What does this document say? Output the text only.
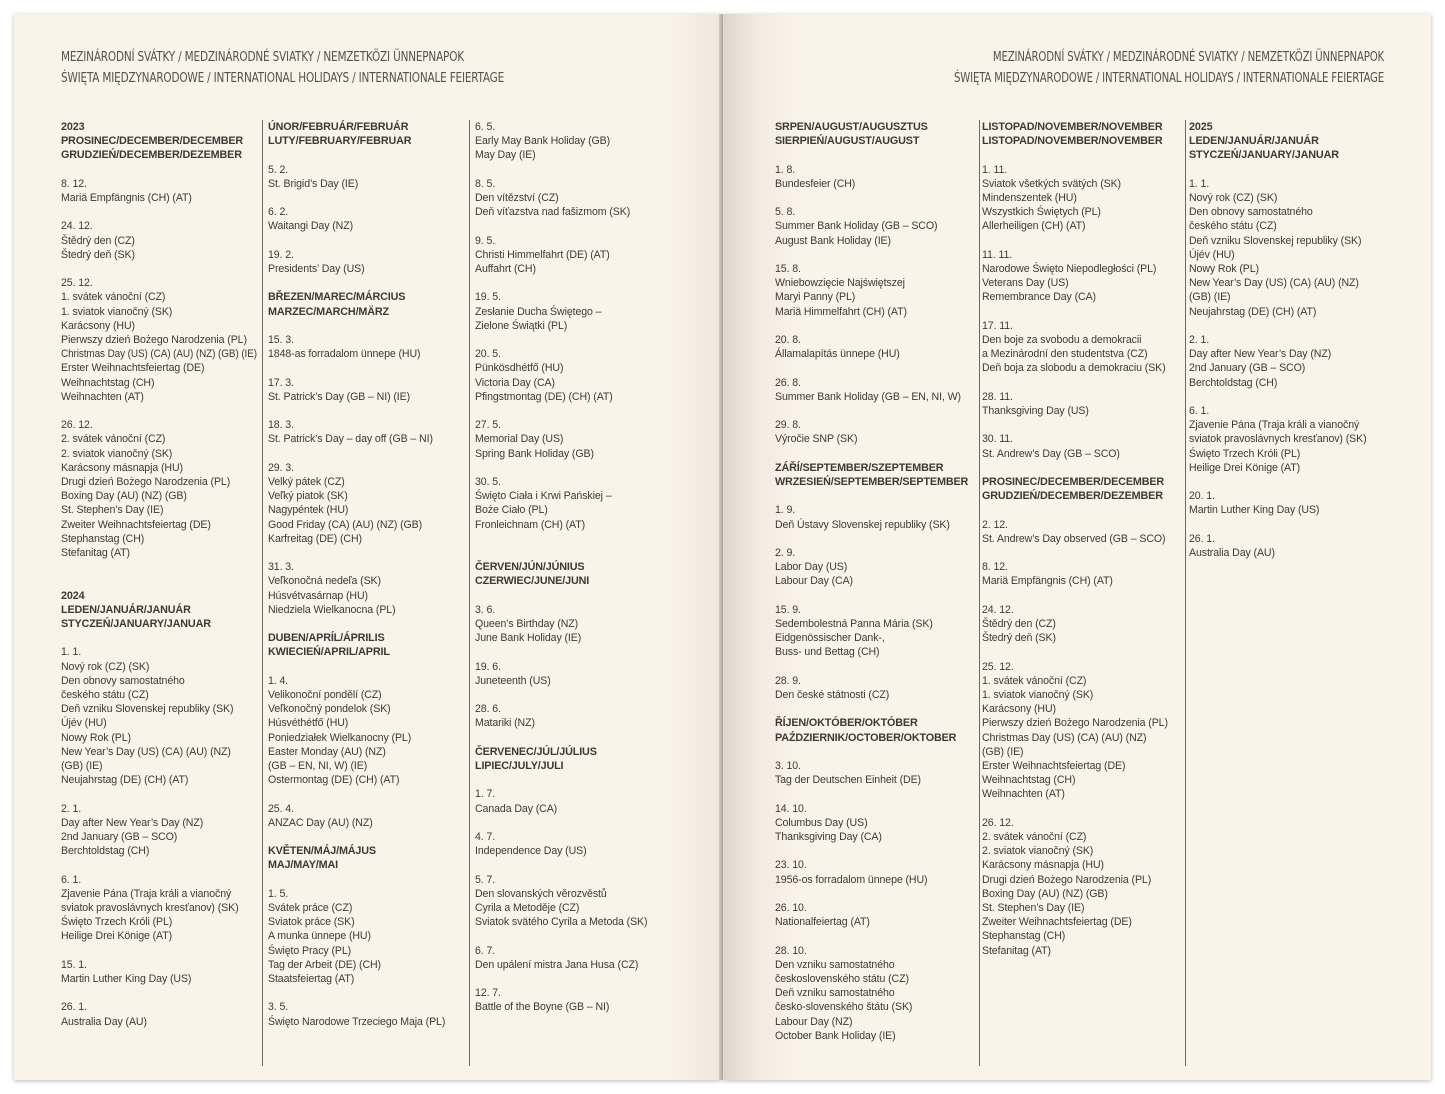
MEZINÁRODNÍ SVÁTKY / MEDZINÁRODNÉ SVIATKY / NEMZETKÖZI ÜNNEPNAPOK
ŚWIĘTA MIĘDZYNARODOWE / INTERNATIONAL HOLIDAYS / INTERNATIONALE FEIERTAGE
2023
PROSINEC/DECEMBER/DECEMBER
GRUDZIEŃ/DECEMBER/DEZEMBER
8. 12.
Mariä Empfängnis (CH) (AT)
24. 12.
Štědrý den (CZ)
Štedrý deň (SK)
25. 12.
1. svátek vánoční (CZ)
1. sviatok vianočný (SK)
Karácsony (HU)
Pierwszy dzień Bożego Narodzenia (PL)
Christmas Day (US) (CA) (AU) (NZ) (GB) (IE)
Erster Weihnachtsfeiertag (DE)
Weihnachtstag (CH)
Weihnachten (AT)
26. 12.
2. svátek vánoční (CZ)
2. sviatok vianočný (SK)
Karácsony másnapja (HU)
Drugi dzień Bożego Narodzenia (PL)
Boxing Day (AU) (NZ) (GB)
St. Stephen’s Day (IE)
Zweiter Weihnachtsfeiertag (DE)
Stephanstag (CH)
Stefanitag (AT)
2024
LEDEN/JANUÁR/JANUÁR
STYCZEŃ/JANUARY/JANUAR
1. 1.
Nový rok (CZ) (SK)
Den obnovy samostatného
českého státu (CZ)
Deň vzniku Slovenskej republiky (SK)
Újév (HU)
Nowy Rok (PL)
New Year’s Day (US) (CA) (AU) (NZ)
(GB) (IE)
Neujahrstag (DE) (CH) (AT)
2. 1.
Day after New Year’s Day (NZ)
2nd January (GB – SCO)
Berchtoldstag (CH)
6. 1.
Zjavenie Pána (Traja králi a vianočný
sviatok pravoslávnych kresťanov) (SK)
Święto Trzech Króli (PL)
Heilige Drei Könige (AT)
15. 1.
Martin Luther King Day (US)
26. 1.
Australia Day (AU)
ÚNOR/FEBRUÁR/FEBRUÁR
LUTY/FEBRUARY/FEBRUAR
5. 2.
St. Brigid’s Day (IE)
6. 2.
Waitangi Day (NZ)
19. 2.
Presidents’ Day (US)
BŘEZEN/MAREC/MÁRCIUS
MARZEC/MARCH/MÄRZ
15. 3.
1848-as forradalom ünnepe (HU)
17. 3.
St. Patrick’s Day (GB – NI) (IE)
18. 3.
St. Patrick’s Day – day off (GB – NI)
29. 3.
Velký pátek (CZ)
Veľký piatok (SK)
Nagypéntek (HU)
Good Friday (CA) (AU) (NZ) (GB)
Karfreitag (DE) (CH)
31. 3.
Veľkonočná nedeľa (SK)
Húsvétvasárnap (HU)
Niedziela Wielkanocna (PL)
DUBEN/APRÍL/ÁPRILIS
KWIECIEŃ/APRIL/APRIL
1. 4.
Velikonoční pondělí (CZ)
Veľkonočný pondelok (SK)
Húsvéthétfő (HU)
Poniedziałek Wielkanocny (PL)
Easter Monday (AU) (NZ)
(GB – EN, NI, W) (IE)
Ostermontag (DE) (CH) (AT)
25. 4.
ANZAC Day (AU) (NZ)
KVĚTEN/MÁJ/MÁJUS
MAJ/MAY/MAI
1. 5.
Svátek práce (CZ)
Sviatok práce (SK)
A munka ünnepe (HU)
Święto Pracy (PL)
Tag der Arbeit (DE) (CH)
Staatsfeiertag (AT)
3. 5.
Święto Narodowe Trzeciego Maja (PL)
6. 5.
Early May Bank Holiday (GB)
May Day (IE)
8. 5.
Den vítězství (CZ)
Deň víťazstva nad fašizmom (SK)
9. 5.
Christi Himmelfahrt (DE) (AT)
Auffahrt (CH)
19. 5.
Zesłanie Ducha Świętego –
Zielone Świątki (PL)
20. 5.
Pünkösdhétfő (HU)
Victoria Day (CA)
Pfingstmontag (DE) (CH) (AT)
27. 5.
Memorial Day (US)
Spring Bank Holiday (GB)
30. 5.
Święto Ciała i Krwi Pańskiej –
Boże Ciało (PL)
Fronleichnam (CH) (AT)
ČERVEN/JÚN/JÚNIUS
CZERWIEC/JUNE/JUNI
3. 6.
Queen’s Birthday (NZ)
June Bank Holiday (IE)
19. 6.
Juneteenth (US)
28. 6.
Matariki (NZ)
ČERVENEC/JÚL/JÚLIUS
LIPIEC/JULY/JULI
1. 7.
Canada Day (CA)
4. 7.
Independence Day (US)
5. 7.
Den slovanských věrozvěstů
Cyrila a Metoděje (CZ)
Sviatok svätého Cyrila a Metoda (SK)
6. 7.
Den upálení mistra Jana Husa (CZ)
12. 7.
Battle of the Boyne (GB – NI)
MEZINÁRODNÍ SVÁTKY / MEDZINÁRODNÉ SVIATKY / NEMZETKÖZI ÜNNEPNAPOK
ŚWIĘTA MIĘDZYNARODOWE / INTERNATIONAL HOLIDAYS / INTERNATIONALE FEIERTAGE
SRPEN/AUGUST/AUGUSZTUS
SIERPIEŃ/AUGUST/AUGUST
1. 8.
Bundesfeier (CH)
5. 8.
Summer Bank Holiday (GB – SCO)
August Bank Holiday (IE)
15. 8.
Wniebowzięcie Najświętszej
Maryi Panny (PL)
Mariä Himmelfahrt (CH) (AT)
20. 8.
Államalapítás ünnepe (HU)
26. 8.
Summer Bank Holiday (GB – EN, NI, W)
29. 8.
Výročie SNP (SK)
ZÁŘÍ/SEPTEMBER/SZEPTEMBER
WRZESIEŃ/SEPTEMBER/SEPTEMBER
1. 9.
Deň Ústavy Slovenskej republiky (SK)
2. 9.
Labor Day (US)
Labour Day (CA)
15. 9.
Sedembolestná Panna Mária (SK)
Eidgenössischer Dank-,
Buss- und Bettag (CH)
28. 9.
Den české státnosti (CZ)
ŘÍJEN/OKTÓBER/OKTÓBER
PAŹDZIERNIK/OCTOBER/OKTOBER
3. 10.
Tag der Deutschen Einheit (DE)
14. 10.
Columbus Day (US)
Thanksgiving Day (CA)
23. 10.
1956-os forradalom ünnepe (HU)
26. 10.
Nationalfeiertag (AT)
28. 10.
Den vzniku samostatného
československého státu (CZ)
Deň vzniku samostatného
česko-slovenského štátu (SK)
Labour Day (NZ)
October Bank Holiday (IE)
LISTOPAD/NOVEMBER/NOVEMBER
LISTOPAD/NOVEMBER/NOVEMBER
1. 11.
Sviatok všetkých svätých (SK)
Mindenszentek (HU)
Wszystkich Świętych (PL)
Allerheiligen (CH) (AT)
11. 11.
Narodowe Święto Niepodległości (PL)
Veterans Day (US)
Remembrance Day (CA)
17. 11.
Den boje za svobodu a demokracii
a Mezinárodní den studentstva (CZ)
Deň boja za slobodu a demokraciu (SK)
28. 11.
Thanksgiving Day (US)
30. 11.
St. Andrew’s Day (GB – SCO)
PROSINEC/DECEMBER/DECEMBER
GRUDZIEŃ/DECEMBER/DEZEMBER
2. 12.
St. Andrew’s Day observed (GB – SCO)
8. 12.
Mariä Empfängnis (CH) (AT)
24. 12.
Štědrý den (CZ)
Štedrý deň (SK)
25. 12.
1. svátek vánoční (CZ)
1. sviatok vianočný (SK)
Karácsony (HU)
Pierwszy dzień Bożego Narodzenia (PL)
Christmas Day (US) (CA) (AU) (NZ)
(GB) (IE)
Erster Weihnachtsfeiertag (DE)
Weihnachtstag (CH)
Weihnachten (AT)
26. 12.
2. svátek vánoční (CZ)
2. sviatok vianočný (SK)
Karácsony másnapja (HU)
Drugi dzień Bożego Narodzenia (PL)
Boxing Day (AU) (NZ) (GB)
St. Stephen’s Day (IE)
Zweiter Weihnachtsfeiertag (DE)
Stephanstag (CH)
Stefanitag (AT)
2025
LEDEN/JANUÁR/JANUÁR
STYCZEŃ/JANUARY/JANUAR
1. 1.
Nový rok (CZ) (SK)
Den obnovy samostatného
českého státu (CZ)
Deň vzniku Slovenskej republiky (SK)
Újév (HU)
Nowy Rok (PL)
New Year’s Day (US) (CA) (AU) (NZ)
(GB) (IE)
Neujahrstag (DE) (CH) (AT)
2. 1.
Day after New Year’s Day (NZ)
2nd January (GB – SCO)
Berchtoldstag (CH)
6. 1.
Zjavenie Pána (Traja králi a vianočný
sviatok pravoslávnych kresťanov) (SK)
Święto Trzech Króli (PL)
Heilige Drei Könige (AT)
20. 1.
Martin Luther King Day (US)
26. 1.
Australia Day (AU)
